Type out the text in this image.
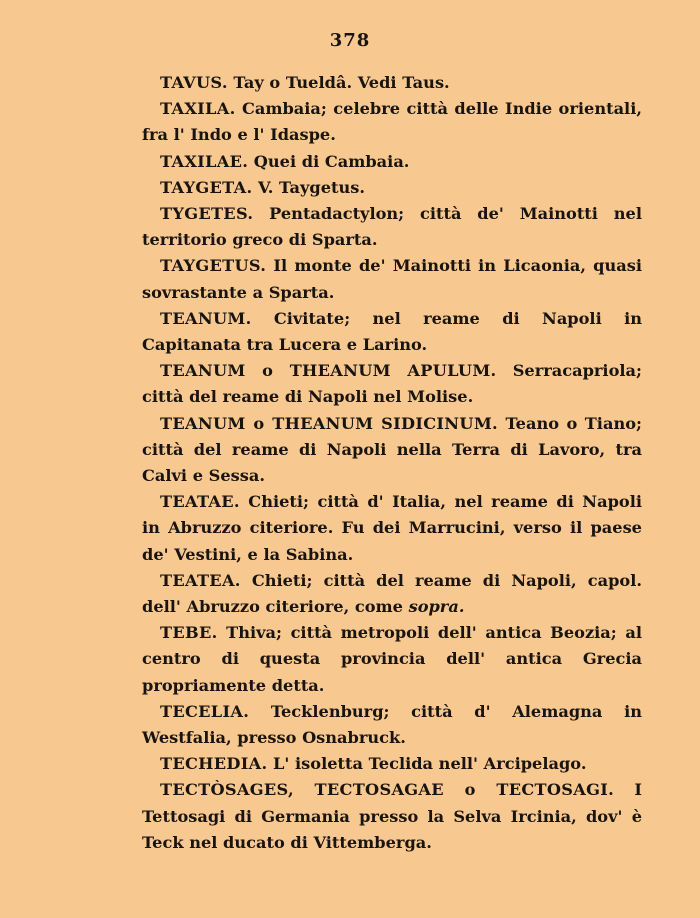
378

TAVUS. Tay o Tueldâ. Vedi Taus.

TAXILA. Cambaia; celebre città delle Indie orientali, fra l' Indo e l' Idaspe.

TAXILAE. Quei di Cambaia.

TAYGETA. V. Taygetus.

TYGETES. Pentadactylon; città de' Mainotti nel territorio greco di Sparta.

TAYGETUS. Il monte de' Mainotti in Licaonia, quasi sovrastante a Sparta.

TEANUM. Civitate; nel reame di Napoli in Capitanata tra Lucera e Larino.

TEANUM o THEANUM APULUM. Serracapriola; città del reame di Napoli nel Molise.

TEANUM o THEANUM SIDICINUM. Teano o Tiano; città del reame di Napoli nella Terra di Lavoro, tra Calvi e Sessa.

TEATAE. Chieti; città d' Italia, nel reame di Napoli in Abruzzo citeriore. Fu dei Marrucini, verso il paese de' Vestini, e la Sabina.

TEATEA. Chieti; città del reame di Napoli, capol. dell' Abruzzo citeriore, come sopra.

TEBE. Thiva; città metropoli dell' antica Beozia; al centro di questa provincia dell' antica Grecia propriamente detta.

TECELIA. Tecklenburg; città d' Alemagna in Westfalia, presso Osnabruck.

TECHEDIA. L' isoletta Teclida nell' Arcipelago.

TECTÒSAGES, TECTOSAGAE o TECTOSAGI. I Tettosagi di Germania presso la Selva Ircinia, dov' è Teck nel ducato di Vittemberga.
